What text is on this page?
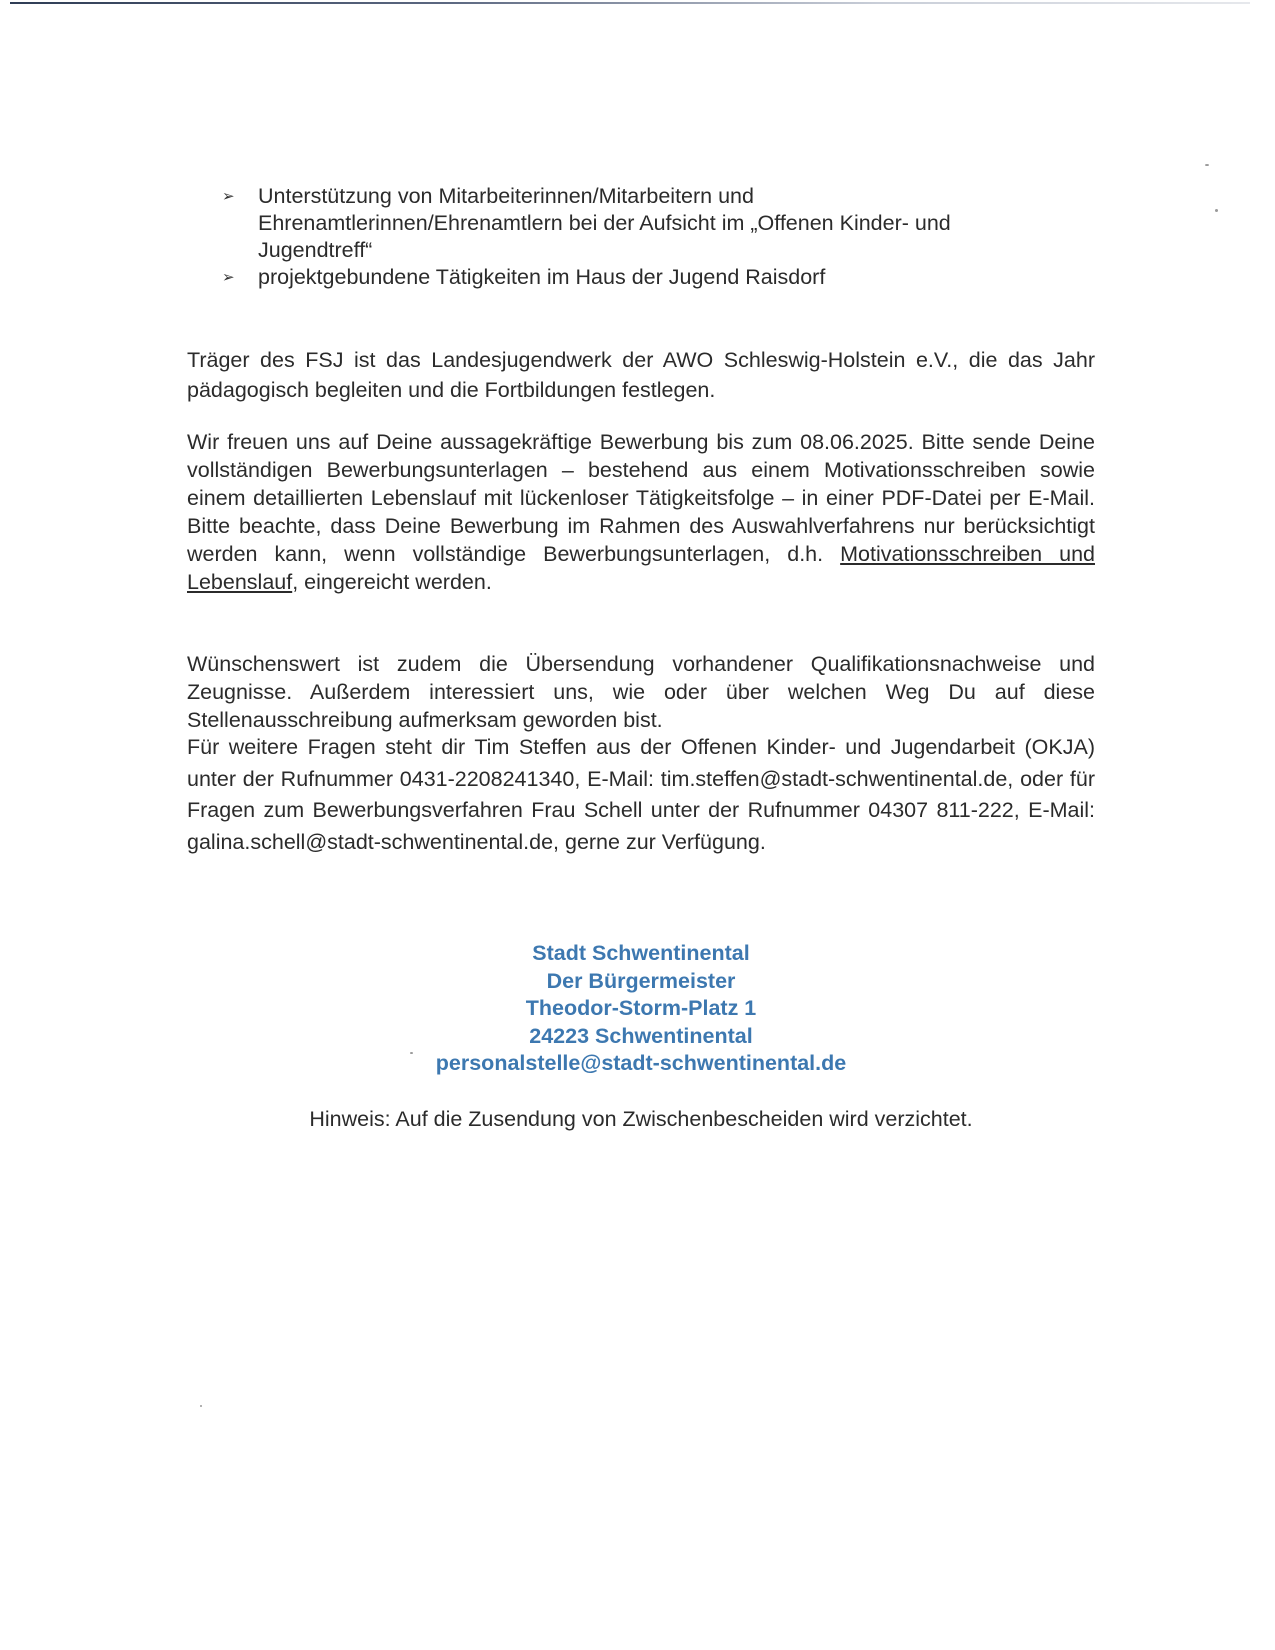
➢ Unterstützung von Mitarbeiterinnen/Mitarbeitern und Ehrenamtlerinnen/Ehrenamtlern bei der Aufsicht im „Offenen Kinder- und Jugendtreff“
➢ projektgebundene Tätigkeiten im Haus der Jugend Raisdorf

Träger des FSJ ist das Landesjugendwerk der AWO Schleswig-Holstein e.V., die das Jahr pädagogisch begleiten und die Fortbildungen festlegen.

Wir freuen uns auf Deine aussagekräftige Bewerbung bis zum 08.06.2025. Bitte sende Deine vollständigen Bewerbungsunterlagen – bestehend aus einem Motivationsschreiben sowie einem detaillierten Lebenslauf mit lückenloser Tätigkeitsfolge – in einer PDF-Datei per E-Mail. Bitte beachte, dass Deine Bewerbung im Rahmen des Auswahlverfahrens nur berücksichtigt werden kann, wenn vollständige Bewerbungsunterlagen, d.h. Motivationsschreiben und Lebenslauf, eingereicht werden.

Wünschenswert ist zudem die Übersendung vorhandener Qualifikationsnachweise und Zeugnisse. Außerdem interessiert uns, wie oder über welchen Weg Du auf diese Stellenausschreibung aufmerksam geworden bist.

Für weitere Fragen steht dir Tim Steffen aus der Offenen Kinder- und Jugendarbeit (OKJA) unter der Rufnummer 0431-2208241340, E-Mail: tim.steffen@stadt-schwentinental.de, oder für Fragen zum Bewerbungsverfahren Frau Schell unter der Rufnummer 04307 811-222, E-Mail: galina.schell@stadt-schwentinental.de, gerne zur Verfügung.

Stadt Schwentinental
Der Bürgermeister
Theodor-Storm-Platz 1
24223 Schwentinental
personalstelle@stadt-schwentinental.de
Hinweis: Auf die Zusendung von Zwischenbescheiden wird verzichtet.
